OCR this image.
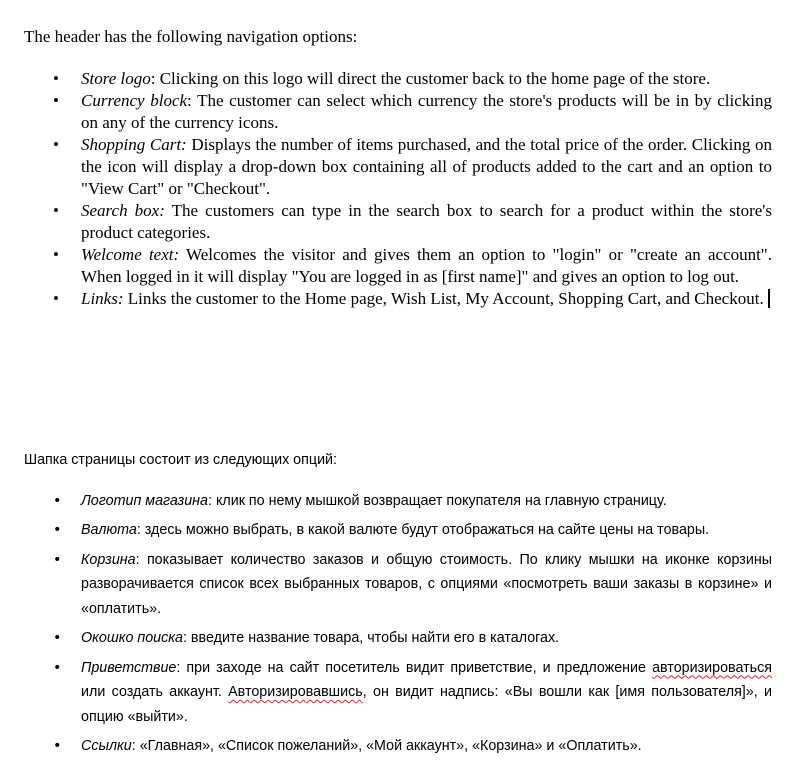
The header has the following navigation options:

• Store logo: Clicking on this logo will direct the customer back to the home page of the store.
• Currency block: The customer can select which currency the store's products will be in by clicking on any of the currency icons.
• Shopping Cart: Displays the number of items purchased, and the total price of the order. Clicking on the icon will display a drop-down box containing all of products added to the cart and an option to "View Cart" or "Checkout".
• Search box: The customers can type in the search box to search for a product within the store's product categories.
• Welcome text: Welcomes the visitor and gives them an option to "login" or "create an account". When logged in it will display "You are logged in as [first name]" and gives an option to log out.
• Links: Links the customer to the Home page, Wish List, My Account, Shopping Cart, and Checkout.

Шапка страницы состоит из следующих опций:

• Логотип магазина: клик по нему мышкой возвращает покупателя на главную страницу.
• Валюта: здесь можно выбрать, в какой валюте будут отображаться на сайте цены на товары.
• Корзина: показывает количество заказов и общую стоимость. По клику мышки на иконке корзины разворачивается список всех выбранных товаров, с опциями «посмотреть ваши заказы в корзине» и «оплатить».
• Окошко поиска: введите название товара, чтобы найти его в каталогах.
• Приветствие: при заходе на сайт посетитель видит приветствие, и предложение авторизироваться или создать аккаунт. Авторизировавшись, он видит надпись: «Вы вошли как [имя пользователя]», и опцию «выйти».
• Ссылки: «Главная», «Список пожеланий», «Мой аккаунт», «Корзина» и «Оплатить».
